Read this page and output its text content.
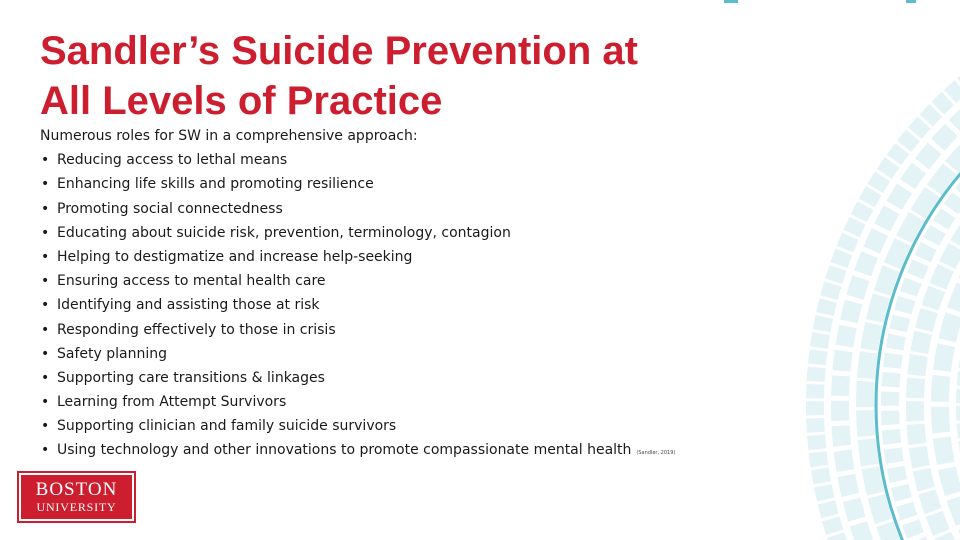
Sandler’s Suicide Prevention at
All Levels of Practice
Numerous roles for SW in a comprehensive approach:
• Reducing access to lethal means
• Enhancing life skills and promoting resilience
• Promoting social connectedness
• Educating about suicide risk, prevention, terminology, contagion
• Helping to destigmatize and increase help-seeking
• Ensuring access to mental health care
• Identifying and assisting those at risk
• Responding effectively to those in crisis
• Safety planning
• Supporting care transitions & linkages
• Learning from Attempt Survivors
• Supporting clinician and family suicide survivors
• Using technology and other innovations to promote compassionate mental health (Sandler, 2019)
BOSTON
UNIVERSITY
